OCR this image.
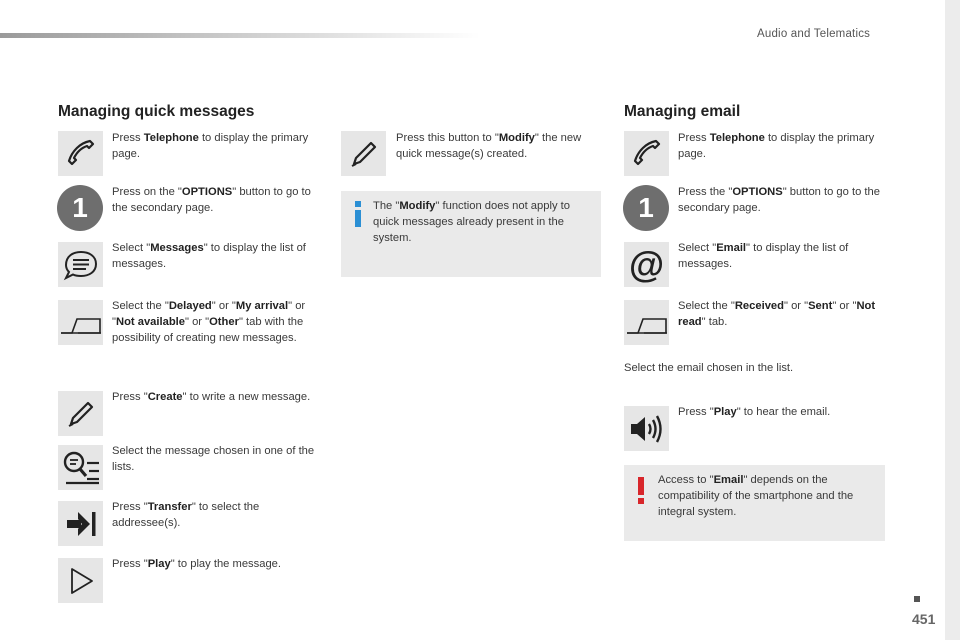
Audio and Telematics
451
Managing quick messages
Press Telephone to display the primary page.
1	Press on the "OPTIONS" button to go to the secondary page.
Select "Messages" to display the list of messages.
Select the "Delayed" or "My arrival" or "Not available" or "Other" tab with the possibility of creating new messages.
Press "Create" to write a new message.
Select the message chosen in one of the lists.
Press "Transfer" to select the addressee(s).
Press "Play" to play the message.
Press this button to "Modify" the new quick message(s) created.
The "Modify" function does not apply to quick messages already present in the system.
Managing email
Press Telephone to display the primary page.
1	Press the "OPTIONS" button to go to the secondary page.
@ Select "Email" to display the list of messages.
Select the "Received" or "Sent" or "Not read" tab.
Select the email chosen in the list.
Press "Play" to hear the email.
Access to "Email" depends on the compatibility of the smartphone and the integral system.
